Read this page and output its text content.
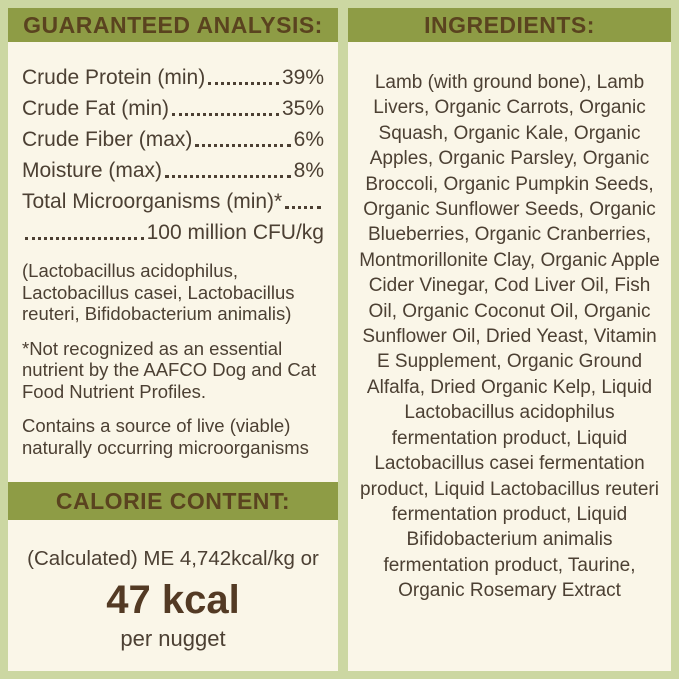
GUARANTEED ANALYSIS:
Crude Protein (min)	39%
Crude Fat (min)	35%
Crude Fiber (max)	6%
Moisture (max)	8%
Total Microorganisms (min)*
100 million CFU/kg

(Lactobacillus acidophilus, Lactobacillus casei, Lactobacillus reuteri, Bifidobacterium animalis)

*Not recognized as an essential nutrient by the AAFCO Dog and Cat Food Nutrient Profiles.

Contains a source of live (viable) naturally occurring microorganisms

CALORIE CONTENT:
(Calculated) ME 4,742kcal/kg or
47 kcal
per nugget
INGREDIENTS:
Lamb (with ground bone), Lamb Livers, Organic Carrots, Organic Squash, Organic Kale, Organic Apples, Organic Parsley, Organic Broccoli, Organic Pumpkin Seeds, Organic Sunflower Seeds, Organic Blueberries, Organic Cranberries, Montmorillonite Clay, Organic Apple Cider Vinegar, Cod Liver Oil, Fish Oil, Organic Coconut Oil, Organic Sunflower Oil, Dried Yeast, Vitamin E Supplement, Organic Ground Alfalfa, Dried Organic Kelp, Liquid Lactobacillus acidophilus fermentation product, Liquid Lactobacillus casei fermentation product, Liquid Lactobacillus reuteri fermentation product, Liquid Bifidobacterium animalis fermentation product, Taurine, Organic Rosemary Extract
